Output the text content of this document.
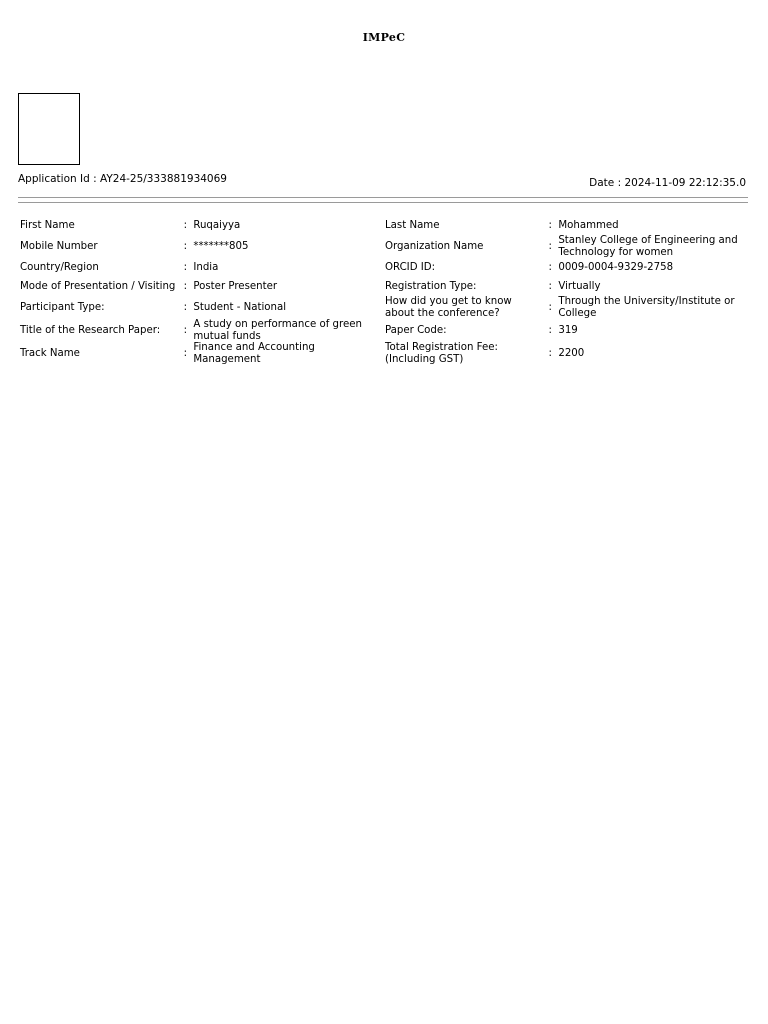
IMPeC
Application Id : AY24-25/333881934069	Date : 2024-11-09 22:12:35.0
First Name	:	Ruqaiyya	Last Name	:	Mohammed
Mobile Number	:	*******805	Organization Name	:	Stanley College of Engineering and Technology for women
Country/Region	:	India	ORCID ID:	:	0009-0004-9329-2758
Mode of Presentation / Visiting	:	Poster Presenter	Registration Type:	:	Virtually
Participant Type:	:	Student - National	How did you get to know about the conference?	:	Through the University/Institute or College
Title of the Research Paper:	:	A study on performance of green mutual funds	Paper Code:	:	319
Track Name	:	Finance and Accounting Management	Total Registration Fee: (Including GST)	:	2200
